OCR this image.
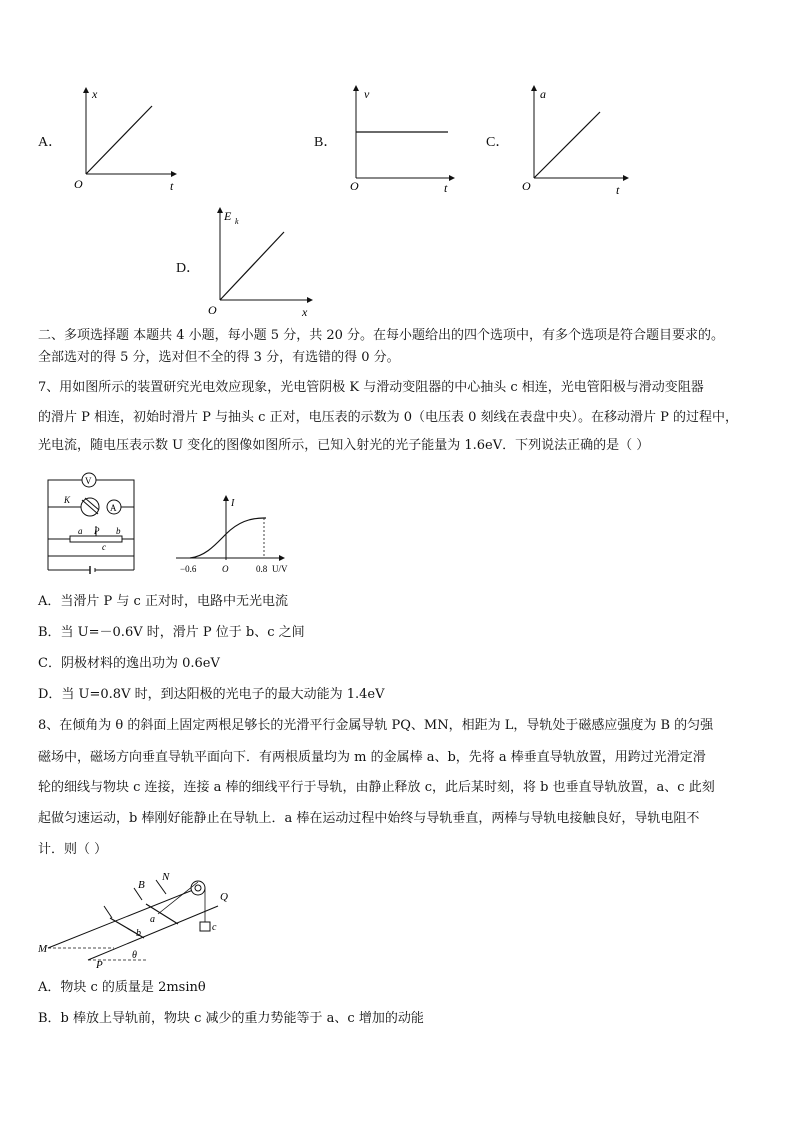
A．
x
t
O
B．
v
t
O
C．
a
t
O
D．
E k
x
O
二、多项选择题 本题共 4 小题，每小题 5 分，共 20 分。在每小题给出的四个选项中，有多个选项是符合题目要求的。
全部选对的得 5 分，选对但不全的得 3 分，有选错的得 0 分。
7、用如图所示的装置研究光电效应现象，光电管阴极 K 与滑动变阻器的中心抽头 c 相连，光电管阳极与滑动变阻器
的滑片 P 相连，初始时滑片 P 与抽头 c 正对，电压表的示数为 0（电压表 0 刻线在表盘中央）。在移动滑片 P 的过程中，
光电流，随电压表示数 U 变化的图像如图所示，已知入射光的光子能量为 1.6eV．下列说法正确的是（ ）
V
A
K
a P b
c
I
U/V
O
−0.6	0.8
A．当滑片 P 与 c 正对时，电路中无光电流
B．当 U=－0.6V 时，滑片 P 位于 b、c 之间
C．阴极材料的逸出功为 0.6eV
D．当 U=0.8V 时，到达阳极的光电子的最大动能为 1.4eV
8、在倾角为 θ 的斜面上固定两根足够长的光滑平行金属导轨 PQ、MN，相距为 L，导轨处于磁感应强度为 B 的匀强
磁场中，磁场方向垂直导轨平面向下．有两根质量均为 m 的金属棒 a、b，先将 a 棒垂直导轨放置，用跨过光滑定滑
轮的细线与物块 c 连接，连接 a 棒的细线平行于导轨，由静止释放 c，此后某时刻，将 b 也垂直导轨放置，a、c 此刻
起做匀速运动，b 棒刚好能静止在导轨上．a 棒在运动过程中始终与导轨垂直，两棒与导轨电接触良好，导轨电阻不
计．则（ ）
B
N
Q
a
b
c
M
P
θ
A．物块 c 的质量是 2msinθ
B．b 棒放上导轨前，物块 c 减少的重力势能等于 a、c 增加的动能
